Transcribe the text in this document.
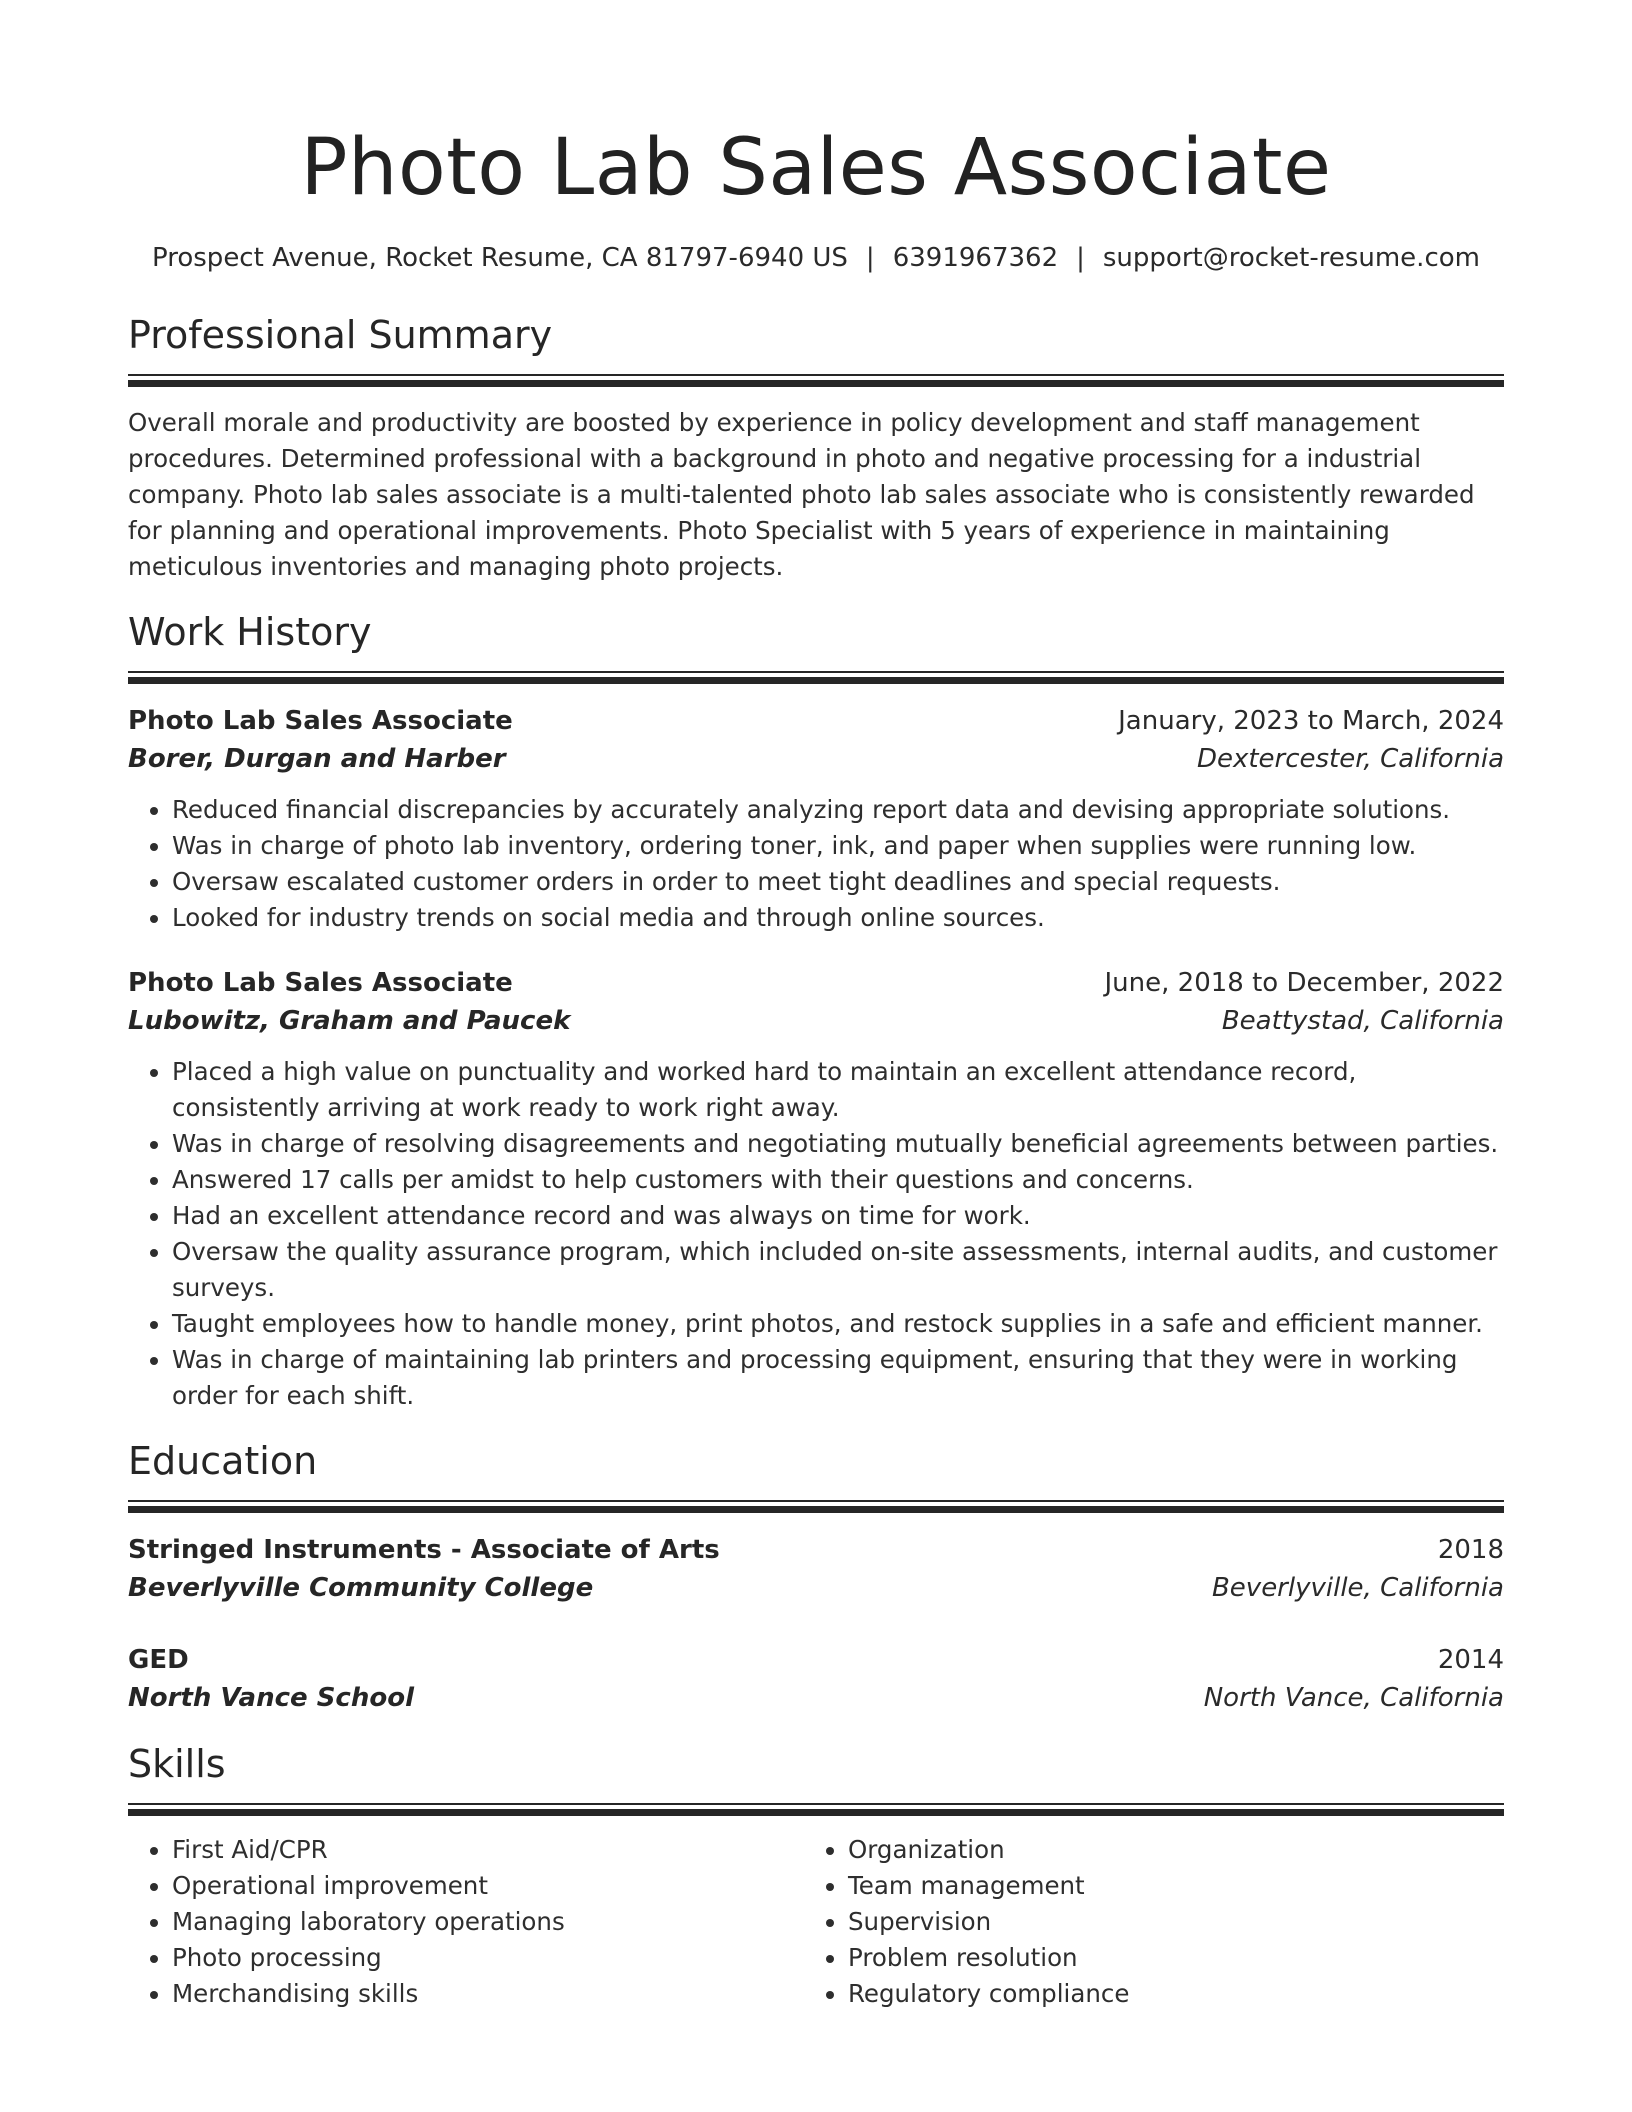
Photo Lab Sales Associate
Prospect Avenue, Rocket Resume, CA 81797-6940 US | 6391967362 | support@rocket-resume.com
Professional Summary

Overall morale and productivity are boosted by experience in policy development and staff management procedures. Determined professional with a background in photo and negative processing for a industrial company. Photo lab sales associate is a multi-talented photo lab sales associate who is consistently rewarded for planning and operational improvements. Photo Specialist with 5 years of experience in maintaining meticulous inventories and managing photo projects.

Work History
Photo Lab Sales Associate	January, 2023 to March, 2024
Borer, Durgan and Harber	Dextercester, California
• Reduced financial discrepancies by accurately analyzing report data and devising appropriate solutions.
• Was in charge of photo lab inventory, ordering toner, ink, and paper when supplies were running low.
• Oversaw escalated customer orders in order to meet tight deadlines and special requests.
• Looked for industry trends on social media and through online sources.
Photo Lab Sales Associate	June, 2018 to December, 2022
Lubowitz, Graham and Paucek	Beattystad, California
• Placed a high value on punctuality and worked hard to maintain an excellent attendance record, consistently arriving at work ready to work right away.
• Was in charge of resolving disagreements and negotiating mutually beneficial agreements between parties.
• Answered 17 calls per amidst to help customers with their questions and concerns.
• Had an excellent attendance record and was always on time for work.
• Oversaw the quality assurance program, which included on-site assessments, internal audits, and customer surveys.
• Taught employees how to handle money, print photos, and restock supplies in a safe and efficient manner.
• Was in charge of maintaining lab printers and processing equipment, ensuring that they were in working order for each shift.
Education
Stringed Instruments - Associate of Arts	2018
Beverlyville Community College	Beverlyville, California
GED	2014
North Vance School	North Vance, California
Skills
• First Aid/CPR
• Operational improvement
• Managing laboratory operations
• Photo processing
• Merchandising skills
• Organization
• Team management
• Supervision
• Problem resolution
• Regulatory compliance
